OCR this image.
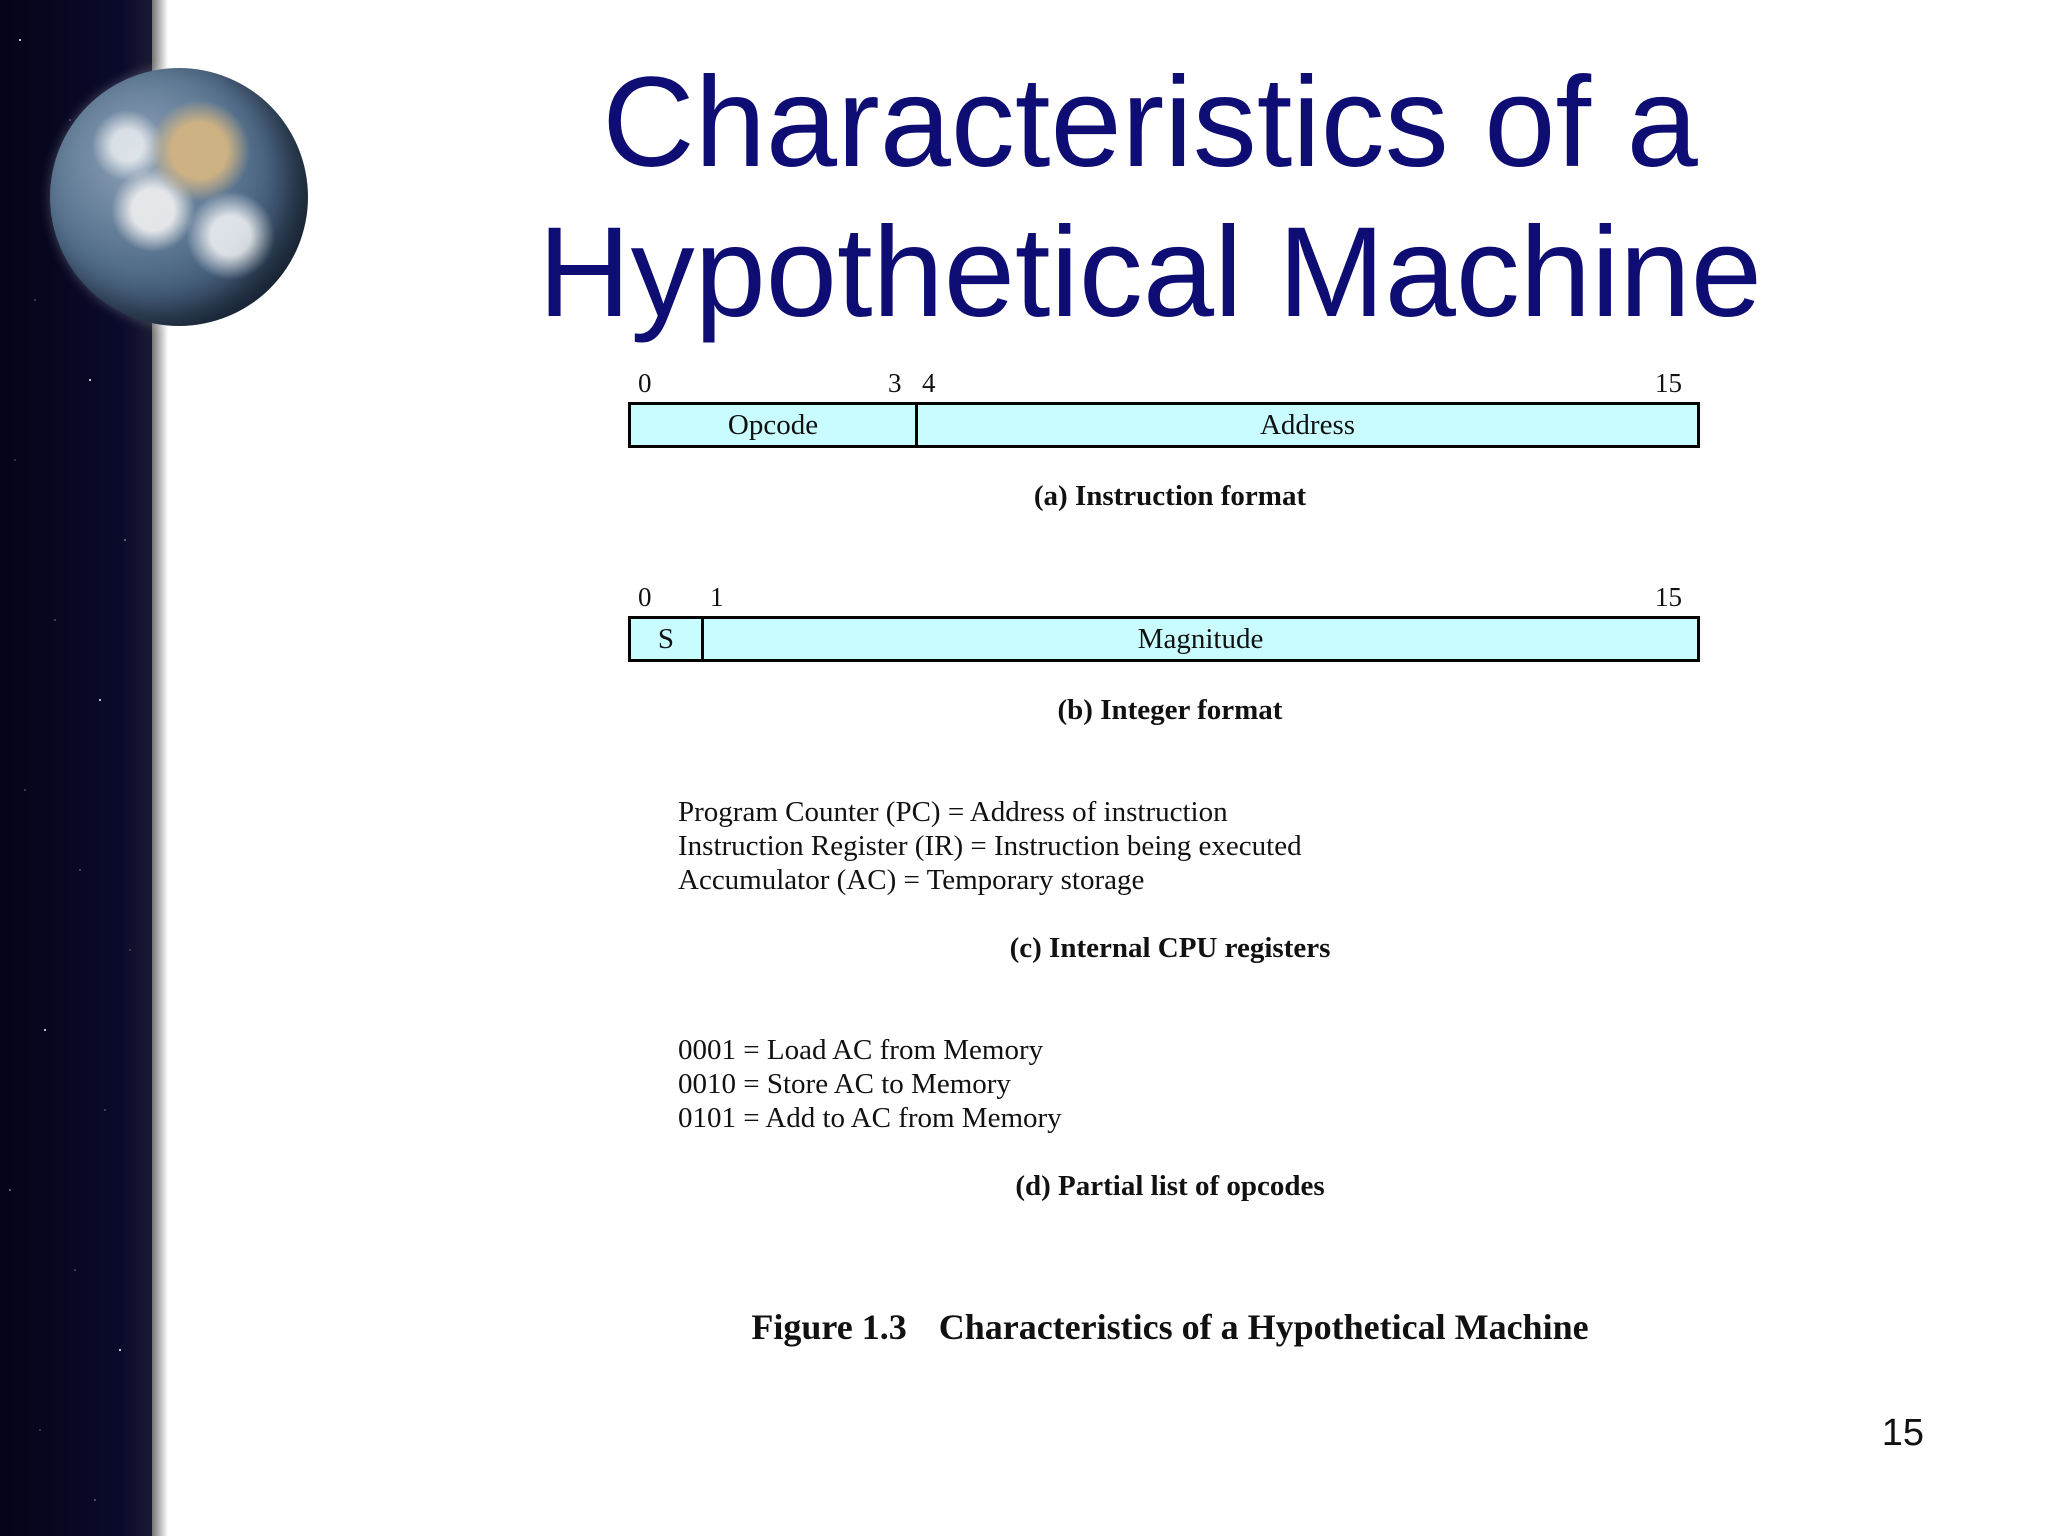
Characteristics of a
Hypothetical Machine
0	3 4	15
Opcode	Address
(a) Instruction format
0 1	15
S	Magnitude
(b) Integer format
Program Counter (PC) = Address of instruction
Instruction Register (IR) = Instruction being executed
Accumulator (AC) = Temporary storage
(c) Internal CPU registers
0001 = Load AC from Memory
0010 = Store AC to Memory
0101 = Add to AC from Memory
(d) Partial list of opcodes
Figure 1.3 Characteristics of a Hypothetical Machine
15
